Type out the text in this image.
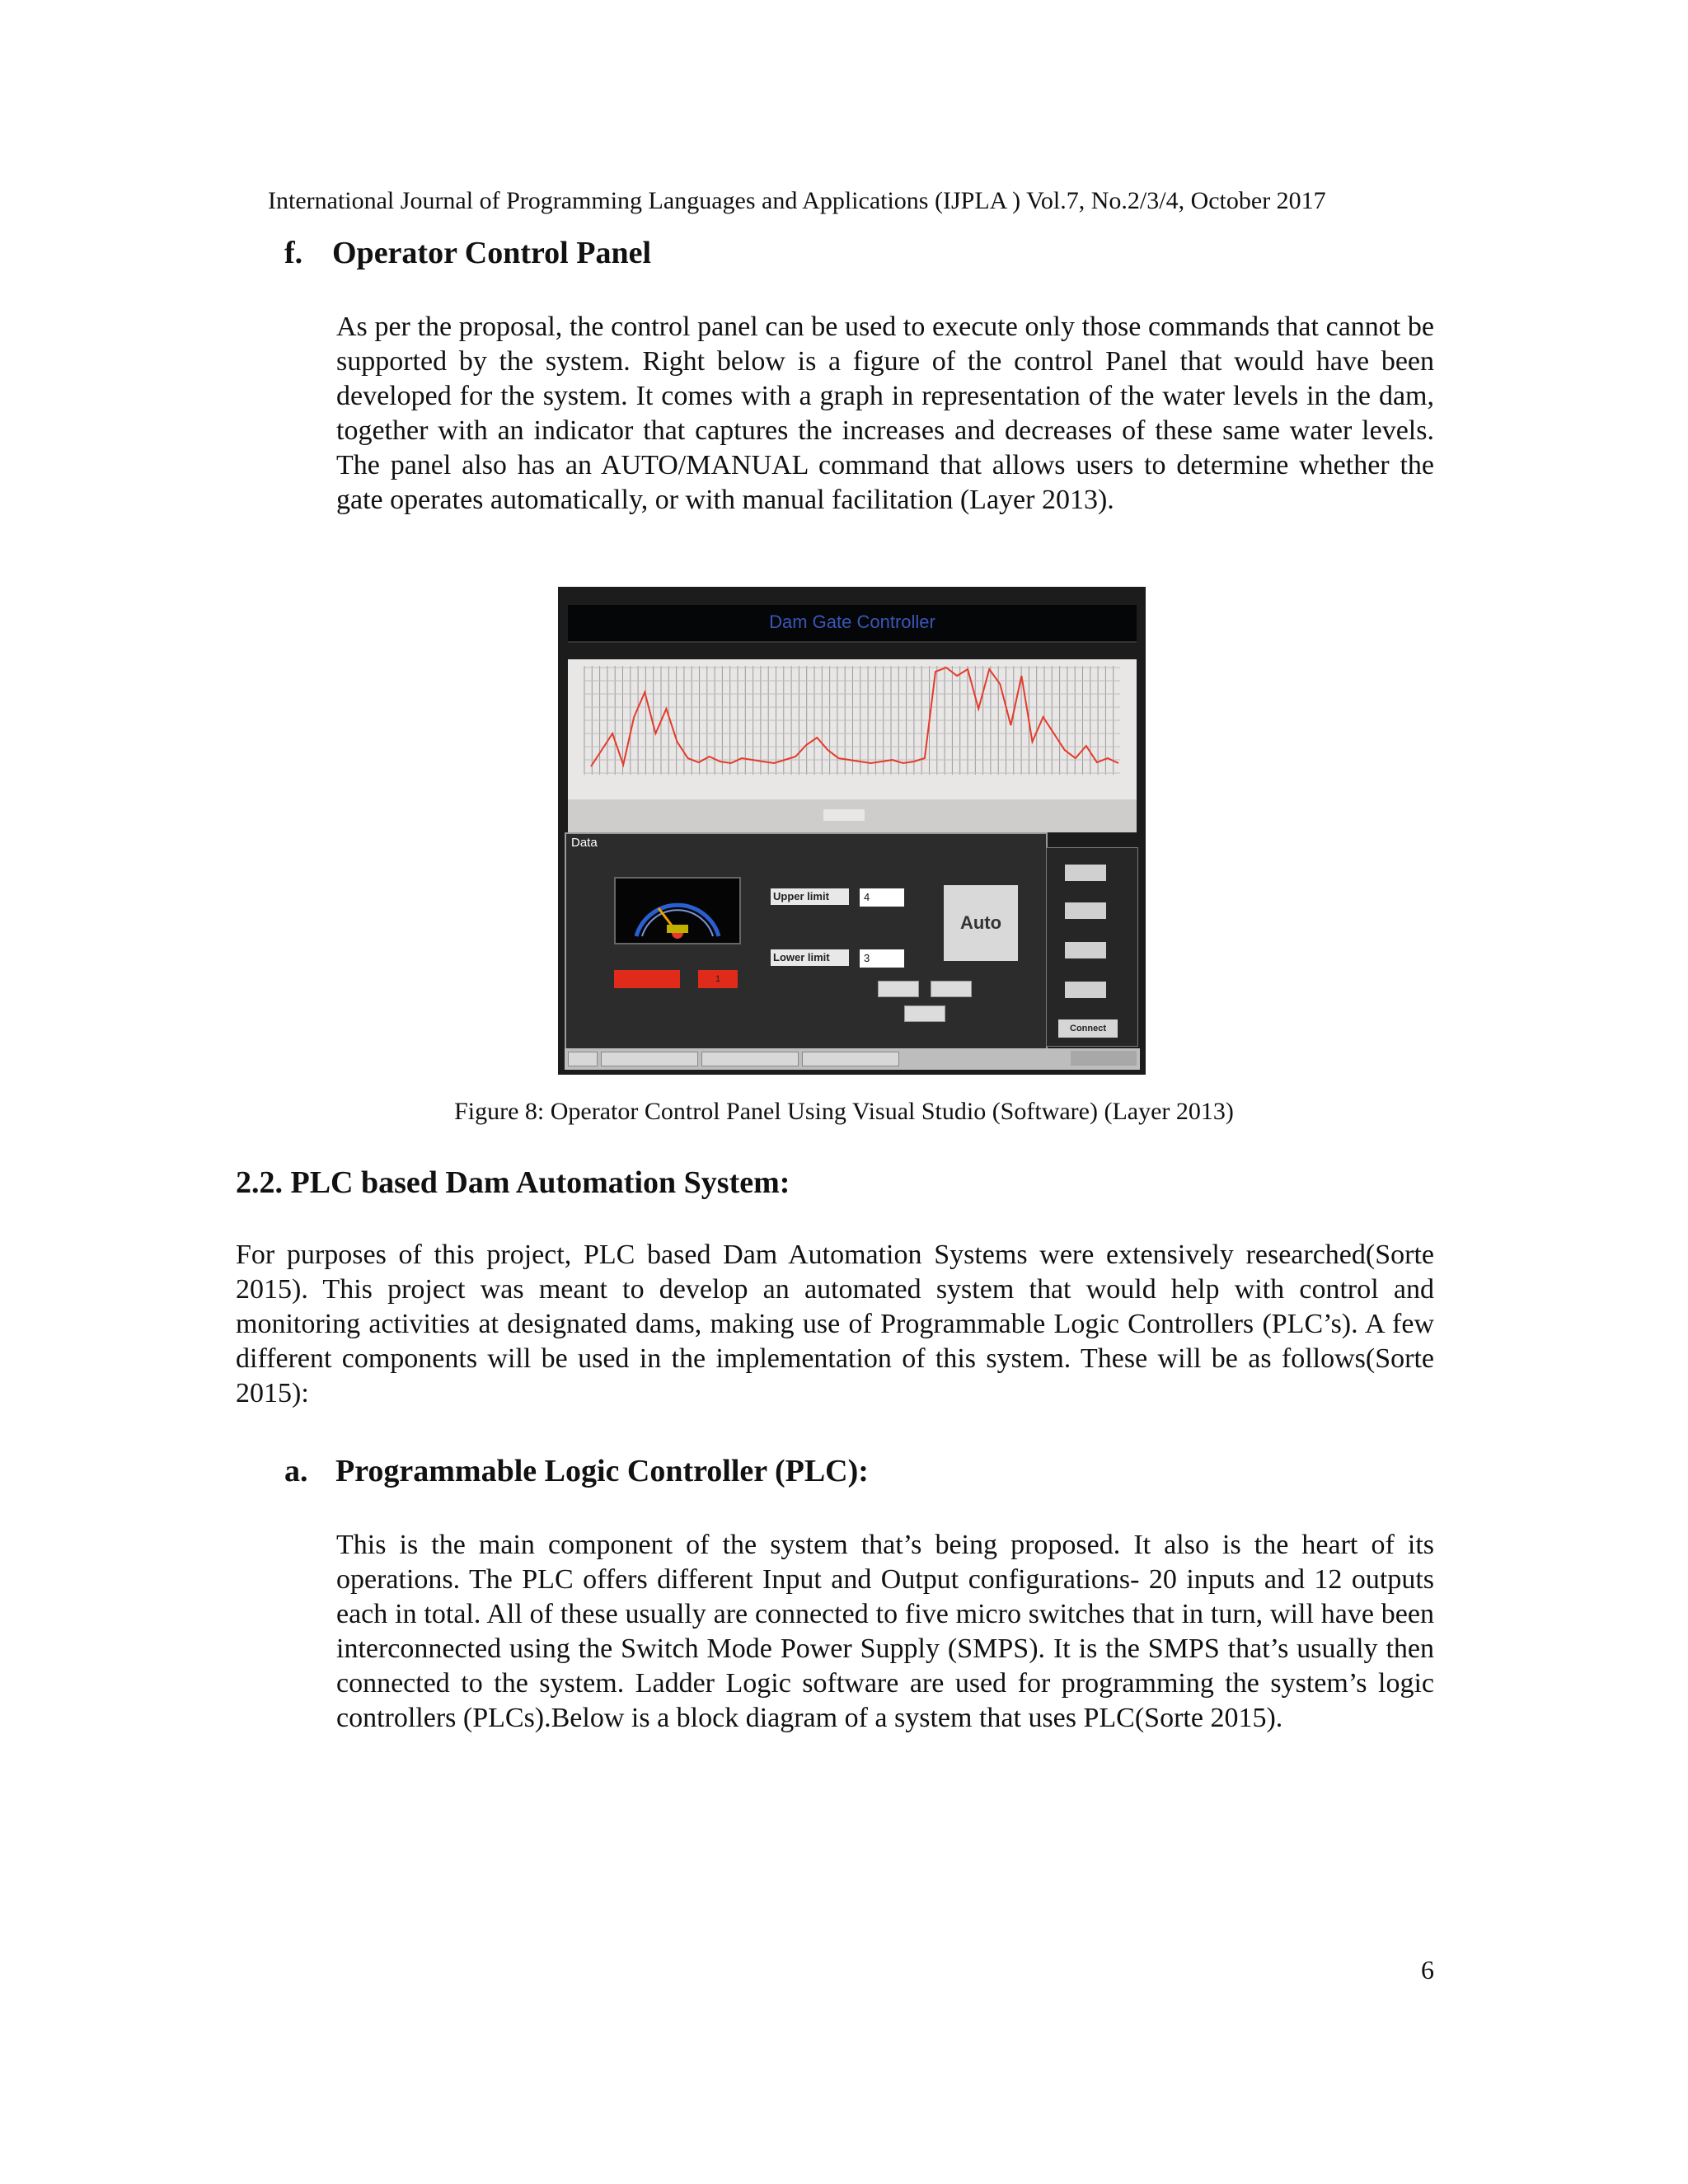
International Journal of Programming Languages and Applications (IJPLA ) Vol.7, No.2/3/4, October 2017
f. Operator Control Panel

As per the proposal, the control panel can be used to execute only those commands that cannot be supported by the system. Right below is a figure of the control Panel that would have been developed for the system. It comes with a graph in representation of the water levels in the dam, together with an indicator that captures the increases and decreases of these same water levels. The panel also has an AUTO/MANUAL command that allows users to determine whether the gate operates automatically, or with manual facilitation (Layer 2013).

Dam Gate Controller
Data
1
Upper limit	4
Lower limit	3
Auto
Connect
Figure 8: Operator Control Panel Using Visual Studio (Software) (Layer 2013)
2.2. PLC based Dam Automation System:

For purposes of this project, PLC based Dam Automation Systems were extensively researched(Sorte 2015). This project was meant to develop an automated system that would help with control and monitoring activities at designated dams, making use of Programmable Logic Controllers (PLC’s). A few different components will be used in the implementation of this system. These will be as follows(Sorte 2015):

a. Programmable Logic Controller (PLC):

This is the main component of the system that’s being proposed. It also is the heart of its operations. The PLC offers different Input and Output configurations- 20 inputs and 12 outputs each in total. All of these usually are connected to five micro switches that in turn, will have been interconnected using the Switch Mode Power Supply (SMPS). It is the SMPS that’s usually then connected to the system. Ladder Logic software are used for programming the system’s logic controllers (PLCs).Below is a block diagram of a system that uses PLC(Sorte 2015).

6
